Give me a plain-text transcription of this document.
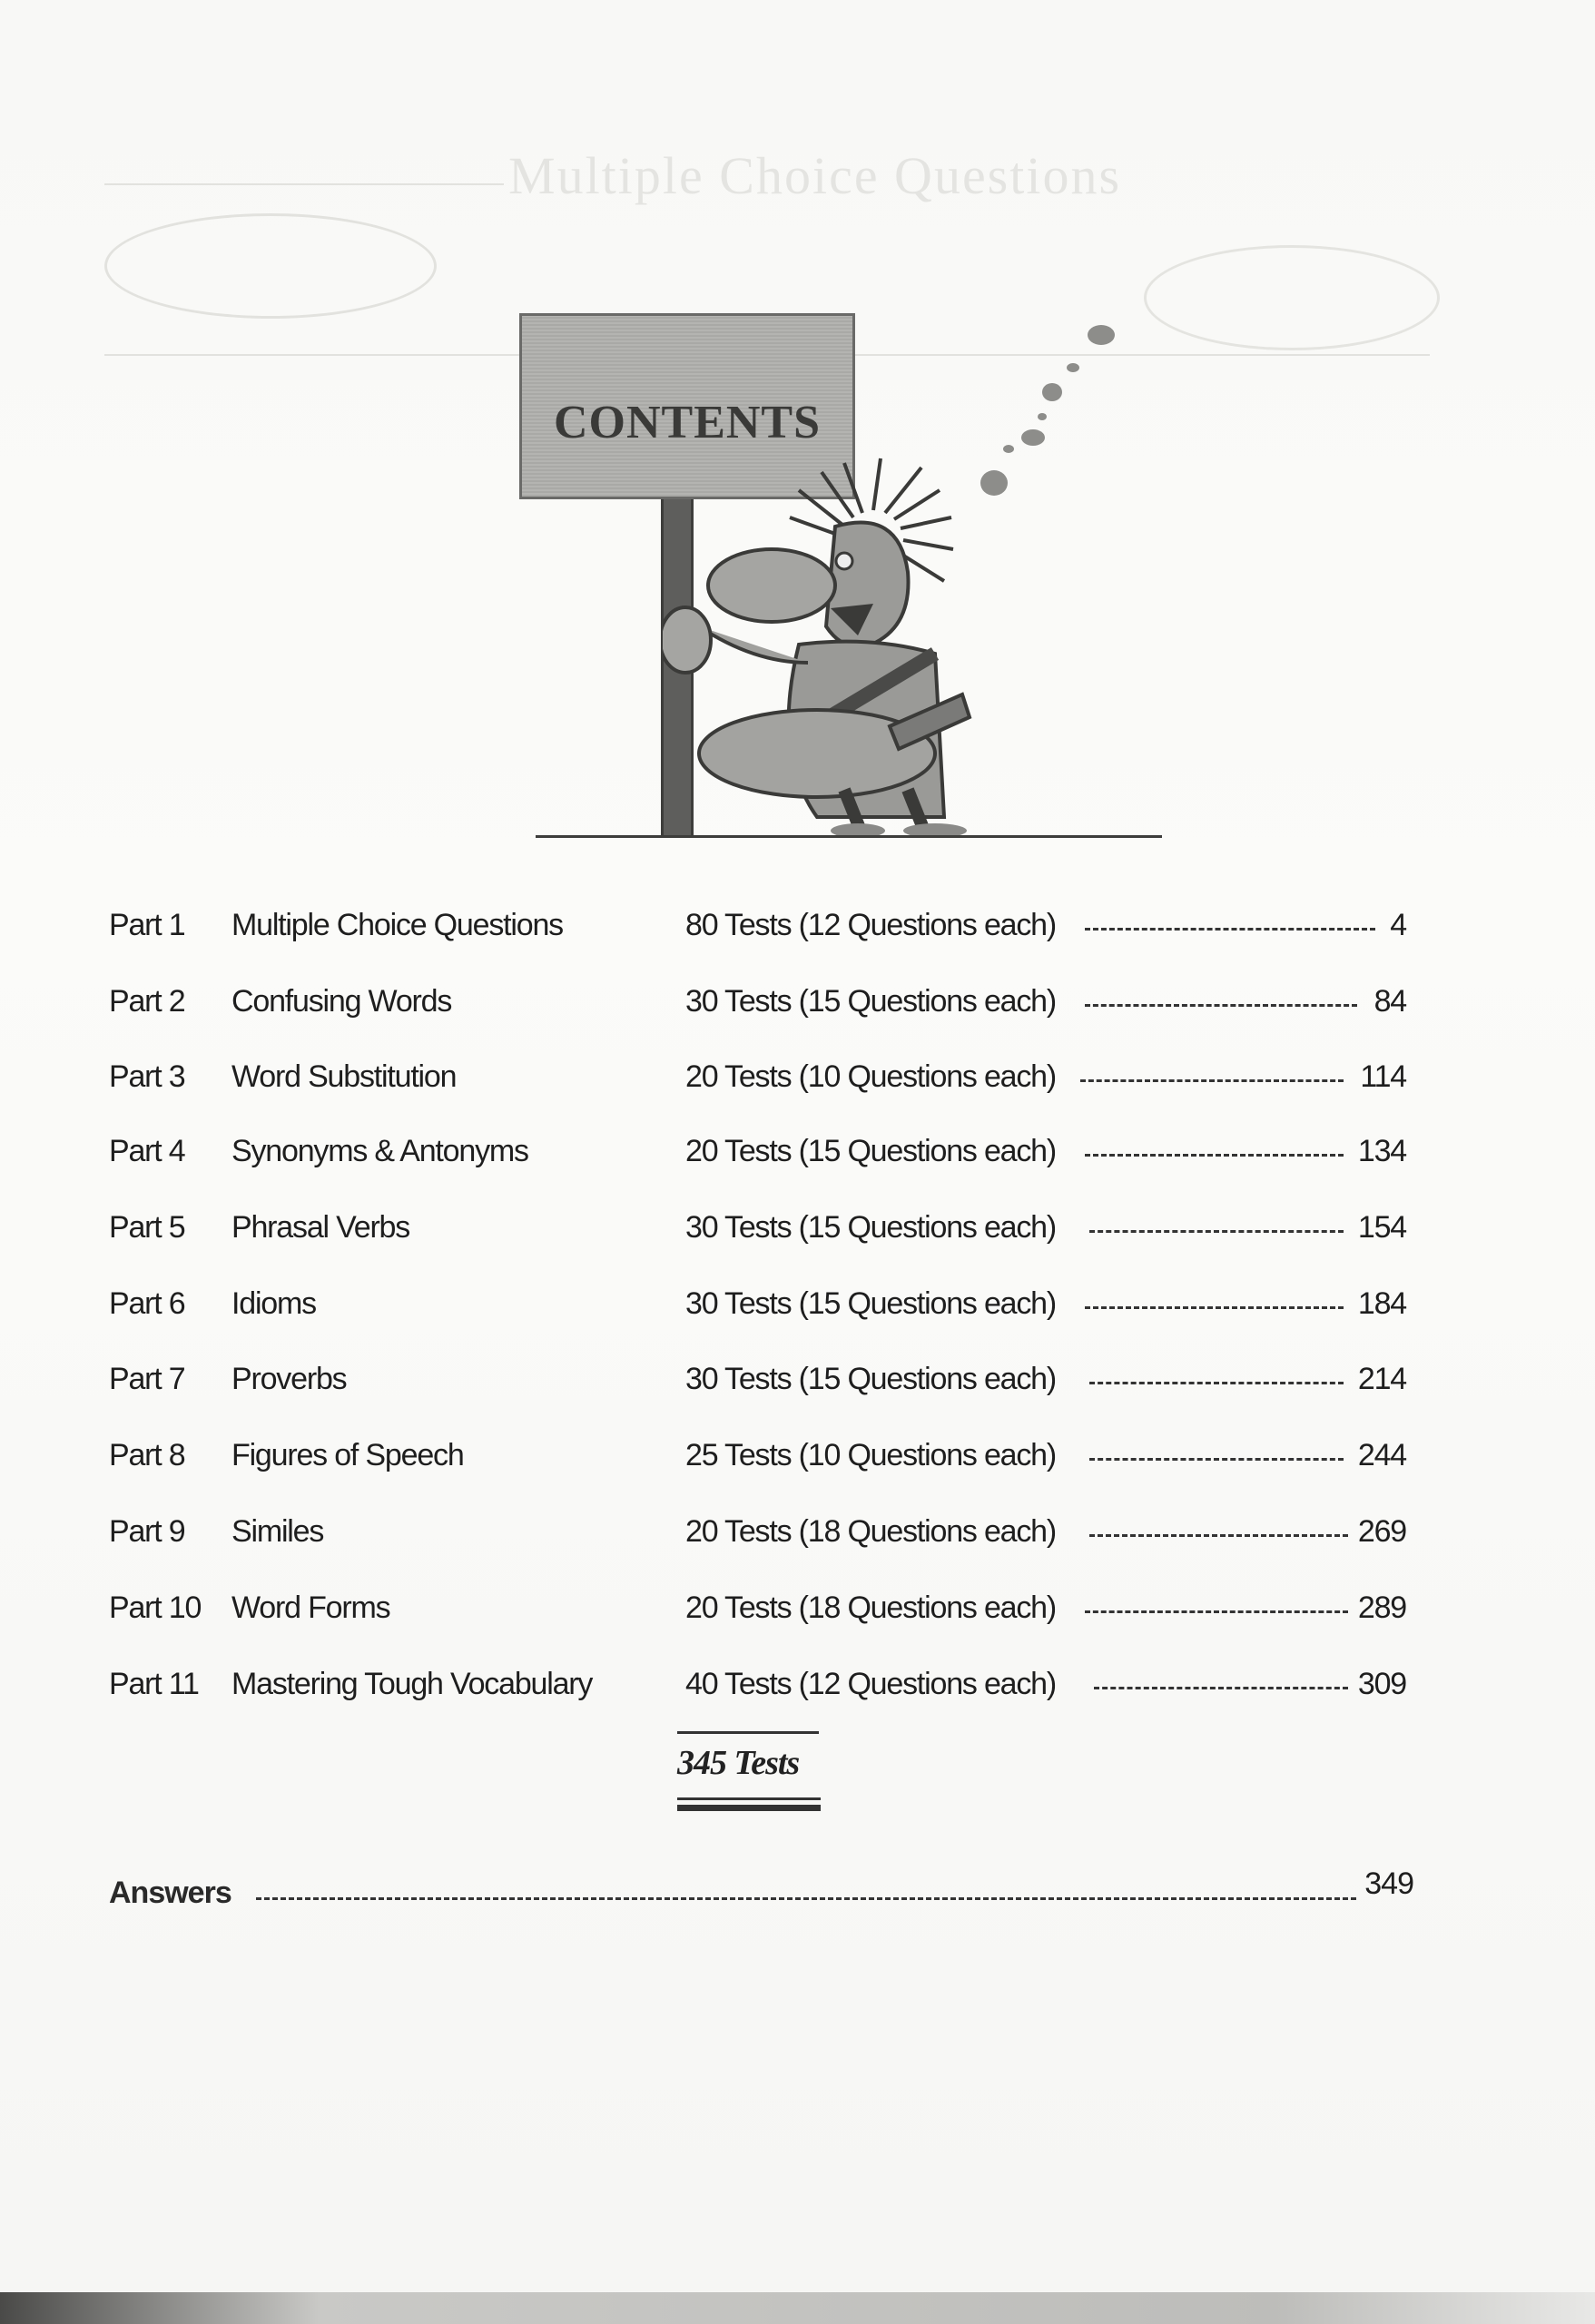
Multiple Choice Questions
CONTENTS
Part 1 Multiple Choice Questions	80 Tests (12 Questions each)	4
Part 2 Confusing Words	30 Tests (15 Questions each)	84
Part 3 Word Substitution	20 Tests (10 Questions each)	114
Part 4 Synonyms & Antonyms	20 Tests (15 Questions each)	134
Part 5 Phrasal Verbs	30 Tests (15 Questions each)	154
Part 6 Idioms	30 Tests (15 Questions each)	184
Part 7 Proverbs	30 Tests (15 Questions each)	214
Part 8 Figures of Speech	25 Tests (10 Questions each)	244
Part 9 Similes	20 Tests (18 Questions each)	269
Part 10 Word Forms	20 Tests (18 Questions each)	289
Part 11 Mastering Tough Vocabulary	40 Tests (12 Questions each)	309
345 Tests
Answers	349
